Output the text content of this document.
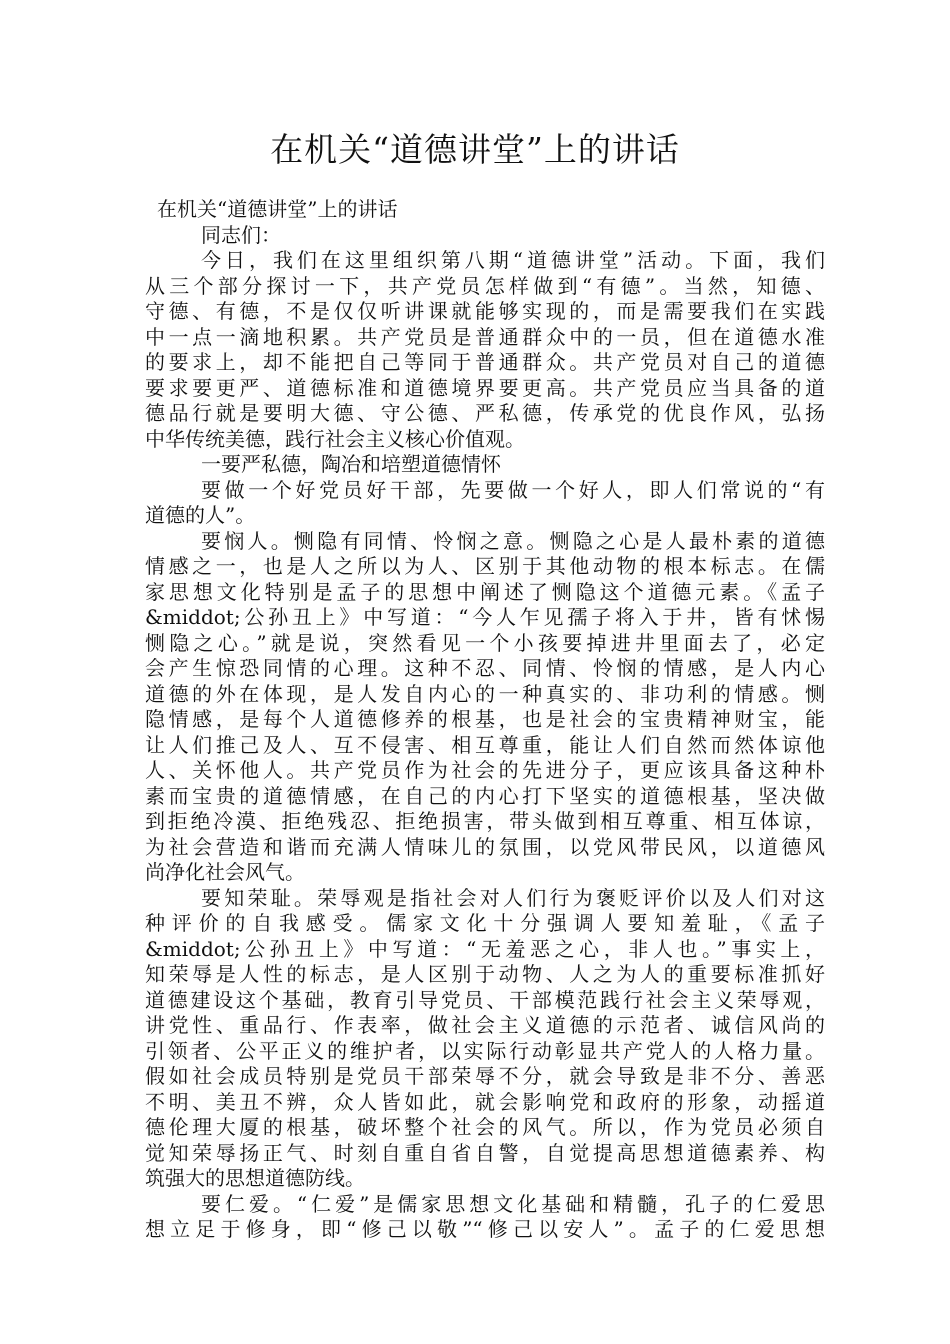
在机关“道德讲堂”上的讲话
在机关“道德讲堂”上的讲话
同志们：
今日，我们在这里组织第八期“道德讲堂”活动。下面，我们
从三个部分探讨一下，共产党员怎样做到“有德”。当然，知德、
守德、有德，不是仅仅听讲课就能够实现的，而是需要我们在实践
中一点一滴地积累。共产党员是普通群众中的一员，但在道德水准
的要求上，却不能把自己等同于普通群众。共产党员对自己的道德
要求要更严、道德标准和道德境界要更高。共产党员应当具备的道
德品行就是要明大德、守公德、严私德，传承党的优良作风，弘扬
中华传统美德，践行社会主义核心价值观。
一要严私德，陶冶和培塑道德情怀
要做一个好党员好干部，先要做一个好人，即人们常说的“有
道德的人”。
要悯人。恻隐有同情、怜悯之意。恻隐之心是人最朴素的道德
情感之一，也是人之所以为人、区别于其他动物的根本标志。在儒
家思想文化特别是孟子的思想中阐述了恻隐这个道德元素。《孟子
&middot;公孙丑上》中写道：“今人乍见孺子将入于井，皆有怵惕
恻隐之心。”就是说，突然看见一个小孩要掉进井里面去了，必定
会产生惊恐同情的心理。这种不忍、同情、怜悯的情感，是人内心
道德的外在体现，是人发自内心的一种真实的、非功利的情感。恻
隐情感，是每个人道德修养的根基，也是社会的宝贵精神财宝，能
让人们推己及人、互不侵害、相互尊重，能让人们自然而然体谅他
人、关怀他人。共产党员作为社会的先进分子，更应该具备这种朴
素而宝贵的道德情感，在自己的内心打下坚实的道德根基，坚决做
到拒绝冷漠、拒绝残忍、拒绝损害，带头做到相互尊重、相互体谅，
为社会营造和谐而充满人情味儿的氛围，以党风带民风，以道德风
尚净化社会风气。
要知荣耻。荣辱观是指社会对人们行为褒贬评价以及人们对这
种评价的自我感受。儒家文化十分强调人要知羞耻，《孟子
&middot;公孙丑上》中写道：“无羞恶之心，非人也。”事实上，
知荣辱是人性的标志，是人区别于动物、人之为人的重要标准抓好
道德建设这个基础，教育引导党员、干部模范践行社会主义荣辱观，
讲党性、重品行、作表率，做社会主义道德的示范者、诚信风尚的
引领者、公平正义的维护者，以实际行动彰显共产党人的人格力量。
假如社会成员特别是党员干部荣辱不分，就会导致是非不分、善恶
不明、美丑不辨，众人皆如此，就会影响党和政府的形象，动摇道
德伦理大厦的根基，破坏整个社会的风气。所以，作为党员必须自
觉知荣辱扬正气、时刻自重自省自警，自觉提高思想道德素养、构
筑强大的思想道德防线。
要仁爱。“仁爱”是儒家思想文化基础和精髓，孔子的仁爱思
想立足于修身，即“修己以敬”“修己以安人”。孟子的仁爱思想
